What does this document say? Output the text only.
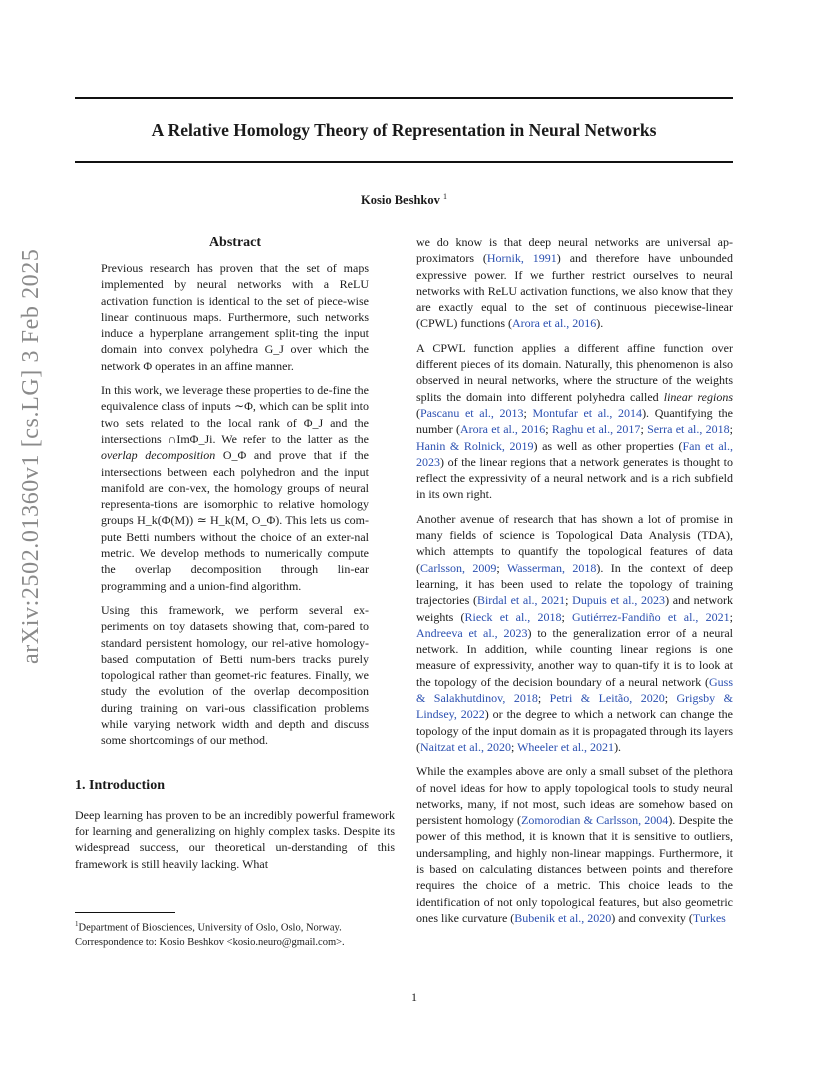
A Relative Homology Theory of Representation in Neural Networks
Kosio Beshkov $^1$
arXiv:2502.01360v1 [cs.LG] 3 Feb 2025
Abstract

Previous research has proven that the set of maps implemented by neural networks with a ReLU activation function is identical to the set of piece-wise linear continuous maps. Furthermore, such networks induce a hyperplane arrangement split-ting the input domain into convex polyhedra G_J over which the network Φ operates in an affine manner.

In this work, we leverage these properties to de-fine the equivalence class of inputs ∼Φ, which can be split into two sets related to the local rank of Φ_J and the intersections ∩ImΦ_Ji. We refer to the latter as the overlap decomposition O_Φ and prove that if the intersections between each polyhedron and the input manifold are con-vex, the homology groups of neural representa-tions are isomorphic to relative homology groups H_k(Φ(M)) ≃ H_k(M, O_Φ). This lets us com-pute Betti numbers without the choice of an exter-nal metric. We develop methods to numerically compute the overlap decomposition through lin-ear programming and a union-find algorithm.

Using this framework, we perform several ex-periments on toy datasets showing that, com-pared to standard persistent homology, our rel-ative homology-based computation of Betti num-bers tracks purely topological rather than geomet-ric features. Finally, we study the evolution of the overlap decomposition during training on vari-ous classification problems while varying network width and depth and discuss some shortcomings of our method.

1. Introduction

Deep learning has proven to be an incredibly powerful framework for learning and generalizing on highly complex tasks. Despite its widespread success, our theoretical un-derstanding of this framework is still heavily lacking. What

$^1$Department of Biosciences, University of Oslo, Oslo, Norway.
Correspondence to: Kosio Beshkov <kosio.neuro@gmail.com>.

we do know is that deep neural networks are universal ap-proximators (Hornik, 1991) and therefore have unbounded expressive power. If we further restrict ourselves to neural networks with ReLU activation functions, we also know that they are exactly equal to the set of continuous piecewise-linear (CPWL) functions (Arora et al., 2016).

A CPWL function applies a different affine function over different pieces of its domain. Naturally, this phenomenon is also observed in neural networks, where the structure of the weights splits the domain into different polyhedra called linear regions (Pascanu et al., 2013; Montufar et al., 2014). Quantifying the number (Arora et al., 2016; Raghu et al., 2017; Serra et al., 2018; Hanin & Rolnick, 2019) as well as other properties (Fan et al., 2023) of the linear regions that a network generates is thought to reflect the expressivity of a neural network and is a rich subfield in its own right.

Another avenue of research that has shown a lot of promise in many fields of science is Topological Data Analysis (TDA), which attempts to quantify the topological features of data (Carlsson, 2009; Wasserman, 2018). In the context of deep learning, it has been used to relate the topology of training trajectories (Birdal et al., 2021; Dupuis et al., 2023) and network weights (Rieck et al., 2018; Gutiérrez-Fandiño et al., 2021; Andreeva et al., 2023) to the generalization error of a neural network. In addition, while counting linear regions is one measure of expressivity, another way to quan-tify it is to look at the topology of the decision boundary of a neural network (Guss & Salakhutdinov, 2018; Petri & Leitão, 2020; Grigsby & Lindsey, 2022) or the degree to which a network can change the topology of the input domain as it is propagated through its layers (Naitzat et al., 2020; Wheeler et al., 2021).

While the examples above are only a small subset of the plethora of novel ideas for how to apply topological tools to study neural networks, many, if not most, such ideas are somehow based on persistent homology (Zomorodian & Carlsson, 2004). Despite the power of this method, it is known that it is sensitive to outliers, undersampling, and highly non-linear mappings. Furthermore, it is based on calculating distances between points and therefore requires the choice of a metric. This choice leads to the identification of not only topological features, but also geometric ones like curvature (Bubenik et al., 2020) and convexity (Turkes

1
